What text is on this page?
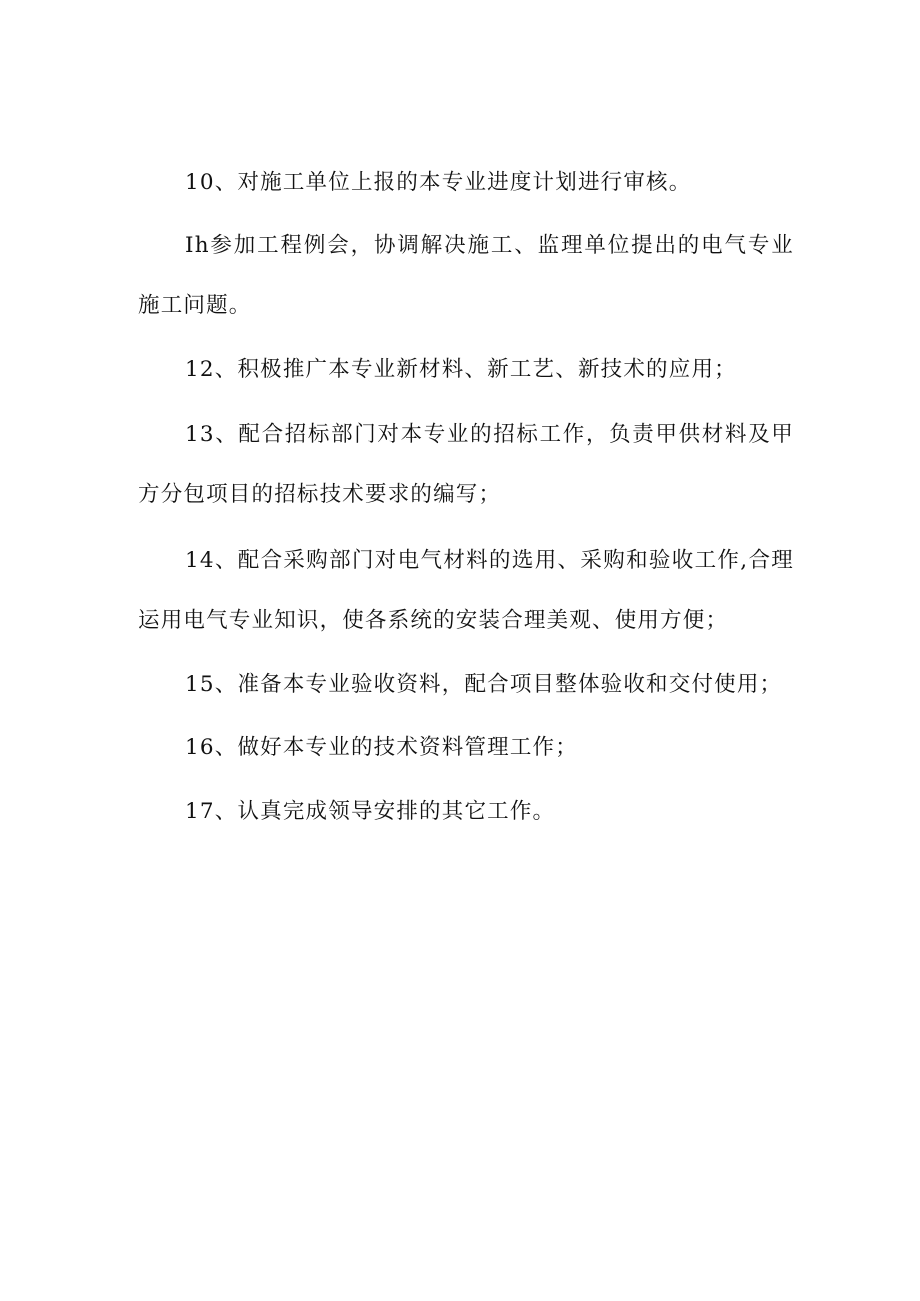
10、对施工单位上报的本专业进度计划进行审核。

Ih参加工程例会，协调解决施工、监理单位提出的电气专业施工问题。

12、积极推广本专业新材料、新工艺、新技术的应用；

13、配合招标部门对本专业的招标工作，负责甲供材料及甲方分包项目的招标技术要求的编写；

14、配合采购部门对电气材料的选用、采购和验收工作,合理运用电气专业知识，使各系统的安装合理美观、使用方便；

15、准备本专业验收资料，配合项目整体验收和交付使用；

16、做好本专业的技术资料管理工作；

17、认真完成领导安排的其它工作。
